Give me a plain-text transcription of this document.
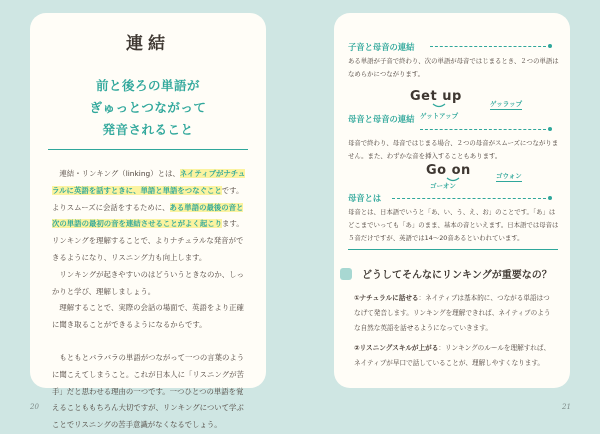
連結
前と後ろの単語が
ぎゅっとつながって
発音されること

　連結・リンキング（linking）とは、ネイティブがナチュラルに英語を話すときに、単語と単語をつなぐことです。よりスムーズに会話をするために、ある単語の最後の音と次の単語の最初の音を連結させることがよく起こります。リンキングを理解することで、よりナチュラルな発音ができるようになり、リスニング力も向上します。

　リンキングが起きやすいのはどういうときなのか、しっかりと学び、理解しましょう。

　理解することで、実際の会話の場面で、英語をより正確に聞き取ることができるようになるからです。

　もともとバラバラの単語がつながって一つの言葉のように聞こえてしまうこと。これが日本人に「リスニングが苦手」だと思わせる理由の一つです。一つひとつの単語を覚えることももちろん大切ですが、リンキングについて学ぶことでリスニングの苦手意識がなくなるでしょう。

20
子音と母音の連結

ある単語が子音で終わり、次の単語が母音ではじまるとき、２つの単語はなめらかにつながります。

Get up
ゲットアップ
ゲッラップ
母音と母音の連結

母音で終わり、母音ではじまる場合、２つの母音がスムーズにつながりません。また、わずかな音を挿入することもあります。

Go on
ゴーオン
ゴウォン
母音とは

母音とは、日本語でいうと「あ、い、う、え、お」のことです。「あ」はどこまでいっても「あ」のまま、基本の音といえます。日本語では母音は５音だけですが、英語では14〜20音あるといわれています。

どうしてそんなにリンキングが重要なの？

①ナチュラルに話せる：ネイティブは基本的に、つながる単語はつなげて発音します。リンキングを理解できれば、ネイティブのような自然な英語を話せるようになっていきます。

②リスニングスキルが上がる：リンキングのルールを理解すれば、ネイティブが早口で話していることが、理解しやすくなります。

21
